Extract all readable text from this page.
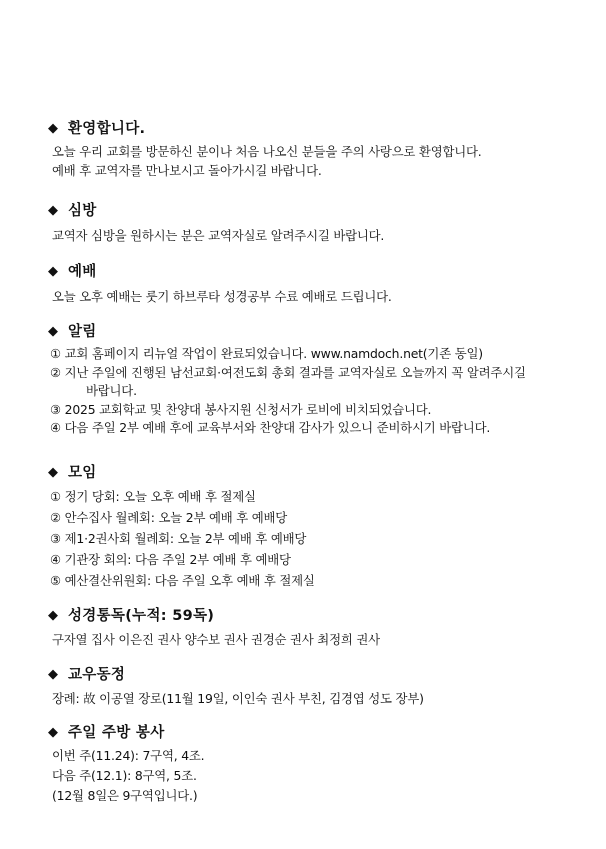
◆ 환영합니다.
오늘 우리 교회를 방문하신 분이나 처음 나오신 분들을 주의 사랑으로 환영합니다.
예배 후 교역자를 만나보시고 돌아가시길 바랍니다.
◆ 심방
교역자 심방을 원하시는 분은 교역자실로 알려주시길 바랍니다.
◆ 예배
오늘 오후 예배는 룻기 하브루타 성경공부 수료 예배로 드립니다.
◆ 알림
① 교회 홈페이지 리뉴얼 작업이 완료되었습니다. www.namdoch.net(기존 동일)
② 지난 주일에 진행된 남선교회·여전도회 총회 결과를 교역자실로 오늘까지 꼭 알려주시길
바랍니다.
③ 2025 교회학교 및 찬양대 봉사지원 신청서가 로비에 비치되었습니다.
④ 다음 주일 2부 예배 후에 교육부서와 찬양대 감사가 있으니 준비하시기 바랍니다.
◆ 모임
① 정기 당회: 오늘 오후 예배 후 절제실
② 안수집사 월례회: 오늘 2부 예배 후 예배당
③ 제1·2권사회 월례회: 오늘 2부 예배 후 예배당
④ 기관장 회의: 다음 주일 2부 예배 후 예배당
⑤ 예산결산위원회: 다음 주일 오후 예배 후 절제실
◆ 성경통독(누적: 59독)
구자열 집사 이은진 권사 양수보 권사 권경순 권사 최정희 권사
◆ 교우동정
장례: 故 이공열 장로(11월 19일, 이인숙 권사 부친, 김경엽 성도 장부)
◆ 주일 주방 봉사
이번 주(11.24): 7구역, 4조.
다음 주(12.1): 8구역, 5조.
(12월 8일은 9구역입니다.)
